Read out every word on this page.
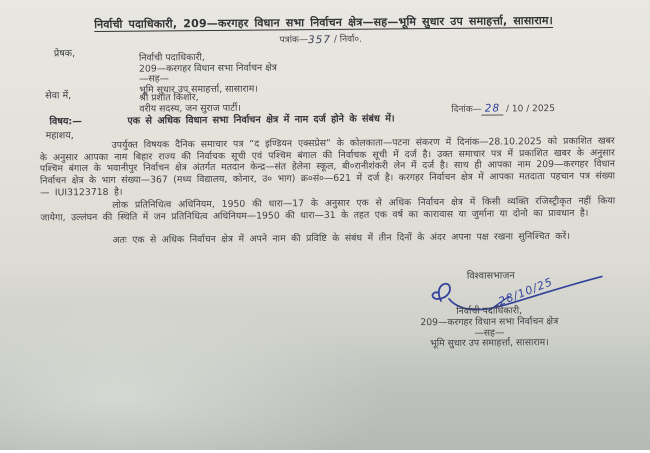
निर्वाची पदाधिकारी, 209—करगहर विधान सभा निर्वाचन क्षेत्र—सह—भूमि सुधार उप समाहर्त्ता, सासाराम।
पत्रांक—357 / निर्वा०.
प्रेषक,	निर्वाची पदाधिकारी,
209—करगहर विधान सभा निर्वाचन क्षेत्र
—सह—
भूमि सुधार उप समाहर्त्ता, सासाराम।
सेवा में,	श्री प्रशांत किशोर,
वरीय सदस्य, जन सुराज पार्टी।	दिनांक— 28 / 10 / 2025
विषय:—	एक से अधिक विधान सभा निर्वाचन क्षेत्र में नाम दर्ज होने के संबंध में।
महाशय,	उपर्युक्त विषयक दैनिक समाचार पत्र “द इण्डियन एक्सप्रेस” के कोलकाता—पटना संकरण में दिनांक—28.10.2025 को प्रकाशित खबर के अनुसार आपका नाम बिहार राज्य की निर्वाचक सूची एवं पश्चिम बंगाल की निर्वाचक सूची में दर्ज है। उक्त समाचार पत्र में प्रकाशित खबर के अनुसार पश्चिम बंगाल के भवानीपुर निर्वाचन क्षेत्र अंतर्गत मतदान केन्द्र—संत हेलेना स्कूल, बी०रानीशंकरी लेन में दर्ज है। साथ ही आपका नाम 209—करगहर विधान निर्वाचन क्षेत्र के भाग संख्या—367 (मध्य विद्यालय, कोनार, उ० भाग) क्र०सं०—621 में दर्ज है। करगहर निर्वाचन क्षेत्र में आपका मतदाता पहचान पत्र संख्या— IUI3123718 है।
लोक प्रतिनिधित्व अधिनियम, 1950 की धारा—17 के अनुसार एक से अधिक निर्वाचन क्षेत्र में किसी व्यक्ति रजिस्ट्रीकृत नहीं किया जायेगा, उल्लंघन की स्थिति में जन प्रतिनिधित्व अधिनियम—1950 की धारा—31 के तहत एक वर्ष का कारावास या जुर्माना या दोनो का प्रावधान है।
अतः एक से अधिक निर्वाचन क्षेत्र में अपने नाम की प्रविष्टि के संबंध में तीन दिनों के अंदर अपना पक्ष रखना सुनिश्चित करें।
विश्वासभाजन
28/10/25
निर्वाची पदाधिकारी,
209—करगहर विधान सभा निर्वाचन क्षेत्र
—सह—
भूमि सुधार उप समाहर्त्ता, सासाराम।
